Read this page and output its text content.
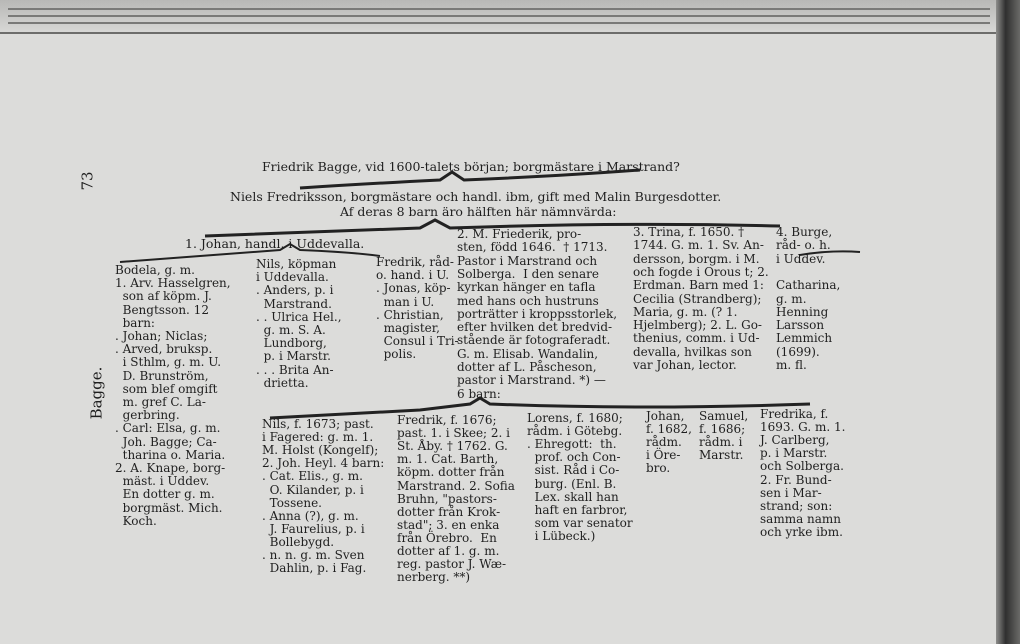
73
Bagge.
Friedrik Bagge, vid 1600-talets början; borgmästare i Marstrand?
Niels Fredriksson, borgmästare och handl. ibm, gift med Malin Burgesdotter.
Af deras 8 barn äro hälften här nämnvärda:
1. Johan, handl. i Uddevalla.
Bodela, g. m.
1. Arv. Hasselgren,
son af köpm. J.
Bengtsson. 12
barn:
. Johan; Niclas;
. Arved, bruksp.
i Sthlm, g. m. U.
D. Brunström,
som blef omgift
m. gref C. La-
gerbring.
. Carl: Elsa, g. m.
Joh. Bagge; Ca-
tharina o. Maria.
2. A. Knape, borg-
mäst. i Uddev.
En dotter g. m.
borgmäst. Mich.
Koch.
Nils, köpman
i Uddevalla.
. Anders, p. i
Marstrand.
. . Ulrica Hel.,
g. m. S. A.
Lundborg,
p. i Marstr.
. . . Brita An-
drietta.
Fredrik, råd-
o. hand. i U.
. Jonas, köp-
man i U.
. Christian,
magister,
Consul i Tri-
polis.
2. M. Friederik, pro-
sten, född 1646.  † 1713.
Pastor i Marstrand och
Solberga.  I den senare
kyrkan hänger en tafla
med hans och hustruns
porträtter i kroppsstorlek,
efter hvilken det bredvid-
stående är fotograferadt.
G. m. Elisab. Wandalin,
dotter af L. Påscheson,
pastor i Marstrand. *) —
6 barn:
3. Trina, f. 1650. †
1744. G. m. 1. Sv. An-
dersson, borgm. i M.
och fogde i Orous t; 2.
Erdman. Barn med 1:
Cecilia (Strandberg);
Maria, g. m. (? 1.
Hjelmberg); 2. L. Go-
thenius, comm. i Ud-
devalla, hvilkas son
var Johan, lector.
4. Burge,
råd- o. h.
i Uddev.
Catharina,
g. m.
Henning
Larsson
Lemmich
(1699).
m. fl.
Nils, f. 1673; past.
i Fagered: g. m. 1.
M. Holst (Kongelf);
2. Joh. Heyl. 4 barn:
. Cat. Elis., g. m.
O. Kilander, p. i
Tossene.
. Anna (?), g. m.
J. Faurelius, p. i
Bollebygd.
. n. n. g. m. Sven
Dahlin, p. i Fag.
Fredrik, f. 1676;
past. 1. i Skee; 2. i
St. Åby. † 1762. G.
m. 1. Cat. Barth,
köpm. dotter från
Marstrand. 2. Sofia
Bruhn, "pastors-
dotter från Krok-
stad"; 3. en enka
från Örebro.  En
dotter af 1. g. m.
reg. pastor J. Wæ-
nerberg. **)
Lorens, f. 1680;
rådm. i Götebg.
. Ehregott:  th.
prof. och Con-
sist. Råd i Co-
burg. (Enl. B.
Lex. skall han
haft en farbror,
som var senator
i Lübeck.)
Johan,
f. 1682,
rådm.
i Öre-
bro.
Samuel,
f. 1686;
rådm. i
Marstr.
Fredrika, f.
1693. G. m. 1.
J. Carlberg,
p. i Marstr.
och Solberga.
2. Fr. Bund-
sen i Mar-
strand; son:
samma namn
och yrke ibm.
